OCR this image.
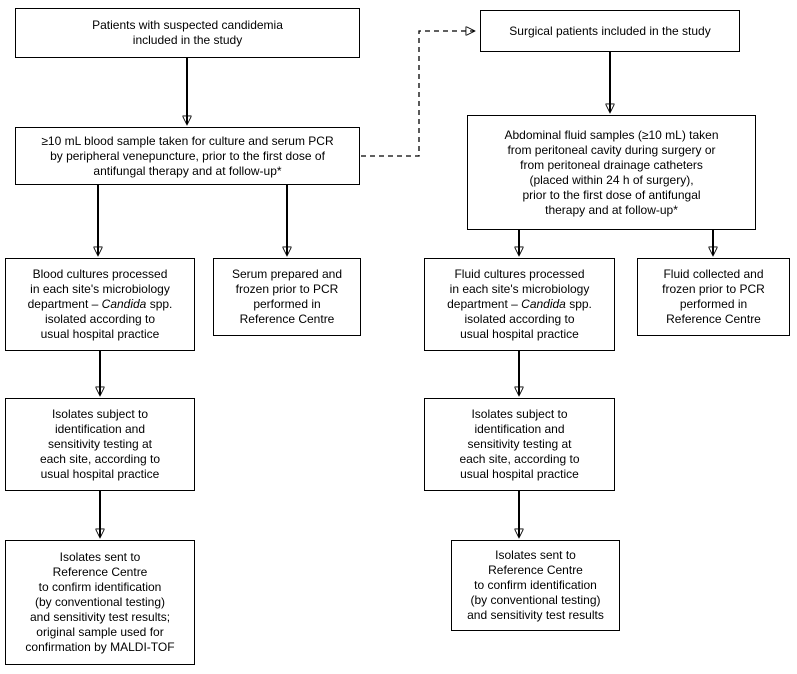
Patients with suspected candidemia
included in the study
≥10 mL blood sample taken for culture and serum PCR
by peripheral venepuncture, prior to the first dose of
antifungal therapy and at follow-up*
Blood cultures processed
in each site's microbiology
department – Candida spp.
isolated according to
usual hospital practice
Serum prepared and
frozen prior to PCR
performed in
Reference Centre
Isolates subject to
identification and
sensitivity testing at
each site, according to
usual hospital practice
Isolates sent to
Reference Centre
to confirm identification
(by conventional testing)
and sensitivity test results;
original sample used for
confirmation by MALDI-TOF
Surgical patients included in the study
Abdominal fluid samples (≥10 mL) taken
from peritoneal cavity during surgery or
from peritoneal drainage catheters
(placed within 24 h of surgery),
prior to the first dose of antifungal
therapy and at follow-up*
Fluid cultures processed
in each site's microbiology
department – Candida spp.
isolated according to
usual hospital practice
Fluid collected and
frozen prior to PCR
performed in
Reference Centre
Isolates subject to
identification and
sensitivity testing at
each site, according to
usual hospital practice
Isolates sent to
Reference Centre
to confirm identification
(by conventional testing)
and sensitivity test results
